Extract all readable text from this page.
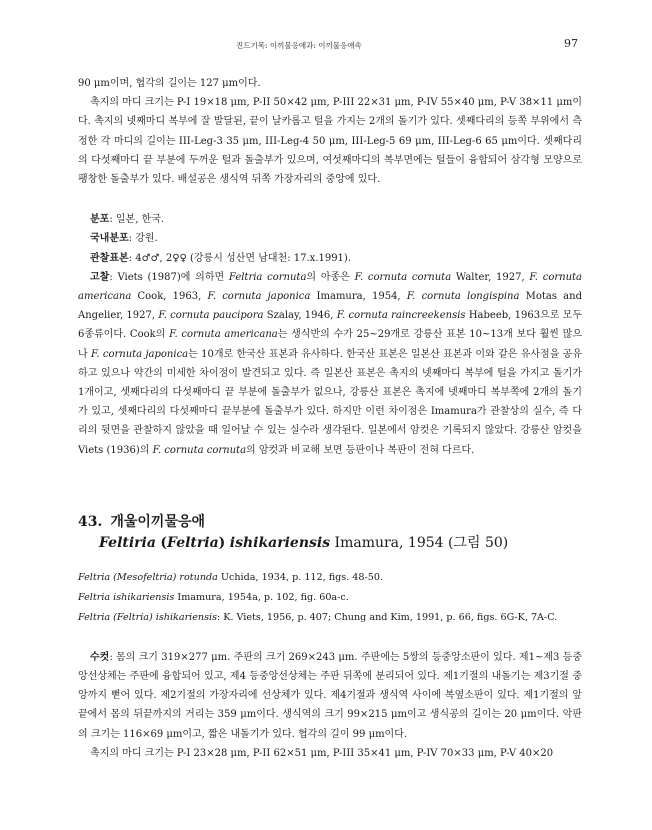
진드기목: 이끼물응애과: 이끼물응애속	97

90 μm이며, 협각의 길이는 127 μm이다.

촉지의 마디 크기는 P-I 19×18 μm, P-II 50×42 μm, P-III 22×31 μm, P-IV 55×40 μm, P-V 38×11 μm이다. 촉지의 넷째마디 복부에 잘 발달된, 끝이 날카롭고 털을 가지는 2개의 돌기가 있다. 셋째다리의 등쪽 부위에서 측정한 각 마디의 길이는 III-Leg-3 35 μm, III-Leg-4 50 μm, III-Leg-5 69 μm, III-Leg-6 65 μm이다. 셋째다리의 다섯째마디 끝 부분에 두꺼운 털과 돌출부가 있으며, 여섯째마디의 복부면에는 털들이 융합되어 삼각형 모양으로 팽창한 돌출부가 있다. 배설공은 생식역 뒤쪽 가장자리의 중앙에 있다.

분포: 일본, 한국.

국내분포: 강원.

관찰표본: 4♂♂, 2♀♀ (강릉시 성산면 남대천: 17.x.1991).

고찰: Viets (1987)에 의하면 Feltria cornuta의 아종은 F. cornuta cornuta Walter, 1927, F. cornuta americana Cook, 1963, F. cornuta japonica Imamura, 1954, F. cornuta longispina Motas and Angelier, 1927, F. cornuta paucipora Szalay, 1946, F. cornuta raincreekensis Habeeb, 1963으로 모두 6종류이다. Cook의 F. cornuta americana는 생식반의 수가 25~29개로 강릉산 표본 10~13개 보다 훨씬 많으나 F. cornuta japonica는 10개로 한국산 표본과 유사하다. 한국산 표본은 일본산 표본과 이와 같은 유사점을 공유하고 있으나 약간의 미세한 차이점이 발견되고 있다. 즉 일본산 표본은 촉지의 넷째마디 복부에 털을 가지고 돌기가 1개이고, 셋째다리의 다섯째마디 끝 부분에 돌출부가 없으나, 강릉산 표본은 촉지에 넷째마디 복부쪽에 2개의 돌기가 있고, 셋째다리의 다섯째마디 끝부분에 돌출부가 있다. 하지만 이런 차이점은 Imamura가 관찰상의 실수, 즉 다리의 뒷면을 관찰하지 않았을 때 일어날 수 있는 실수라 생각된다. 일본에서 암컷은 기록되지 않았다. 강릉산 암컷을 Viets (1936)의 F. cornuta cornuta의 암컷과 비교해 보면 등판이나 복판이 전혀 다르다.

43. 개울이끼물응애
Feltiria (Feltria) ishikariensis Imamura, 1954 (그림 50)

Feltria (Mesofeltria) rotunda Uchida, 1934, p. 112, figs. 48-50.

Feltria ishikariensis Imamura, 1954a, p. 102, fig. 60a-c.

Feltria (Feltria) ishikariensis: K. Viets, 1956, p. 407; Chung and Kim, 1991, p. 66, figs. 6G-K, 7A-C.

수컷: 몸의 크기 319×277 μm. 주판의 크기 269×243 μm. 주판에는 5쌍의 등중앙소판이 있다. 제1~제3 등중앙선상체는 주판에 융합되어 있고, 제4 등중앙선상체는 주판 뒤쪽에 분리되어 있다. 제1기절의 내돌기는 제3기절 중앙까지 뻗어 있다. 제2기절의 가장자리에 선상체가 있다. 제4기절과 생식역 사이에 복옆소판이 있다. 제1기절의 앞끝에서 몸의 뒤끝까지의 거리는 359 μm이다. 생식역의 크기 99×215 μm이고 생식공의 길이는 20 μm이다. 악판의 크기는 116×69 μm이고, 짧은 내돌기가 있다. 협각의 길이 99 μm이다.

촉지의 마디 크기는 P-I 23×28 μm, P-II 62×51 μm, P-III 35×41 μm, P-IV 70×33 μm, P-V 40×20
